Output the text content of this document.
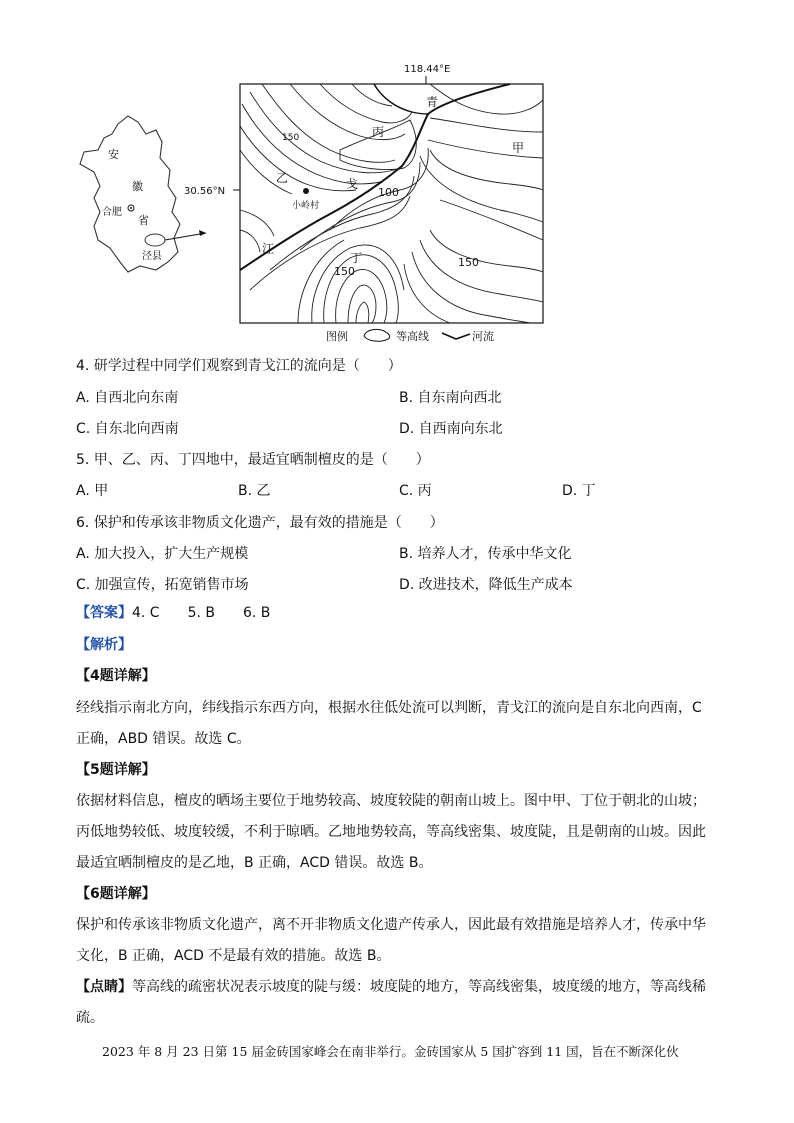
安
徽
省
合肥
泾县
118.44°E
30.56°N
青
戈
江
甲
乙
丙
丁
小岭村
100
150
150
150
图例	等高线	河流
4. 研学过程中同学们观察到青戈江的流向是（　　）
A. 自西北向东南	B. 自东南向西北
C. 自东北向西南	D. 自西南向东北
5. 甲、乙、丙、丁四地中，最适宜晒制檀皮的是（　　）
A. 甲	B. 乙	C. 丙	D. 丁
6. 保护和传承该非物质文化遗产，最有效的措施是（　　）
A. 加大投入，扩大生产规模	B. 培养人才，传承中华文化
C. 加强宣传，拓宽销售市场	D. 改进技术，降低生产成本
【答案】4. C　　5. B　　6. B
【解析】
【4题详解】
经线指示南北方向，纬线指示东西方向，根据水往低处流可以判断，青戈江的流向是自东北向西南，C
正确，ABD 错误。故选 C。
【5题详解】
依据材料信息，檀皮的晒场主要位于地势较高、坡度较陡的朝南山坡上。图中甲、丁位于朝北的山坡；
丙低地势较低、坡度较缓，不利于晾晒。乙地地势较高，等高线密集、坡度陡，且是朝南的山坡。因此
最适宜晒制檀皮的是乙地，B 正确，ACD 错误。故选 B。
【6题详解】
保护和传承该非物质文化遗产，离不开非物质文化遗产传承人，因此最有效措施是培养人才，传承中华
文化，B 正确，ACD 不是最有效的措施。故选 B。
【点睛】等高线的疏密状况表示坡度的陡与缓：坡度陡的地方，等高线密集，坡度缓的地方，等高线稀
疏。
2023 年 8 月 23 日第 15 届金砖国家峰会在南非举行。金砖国家从 5 国扩容到 11 国，旨在不断深化伙
